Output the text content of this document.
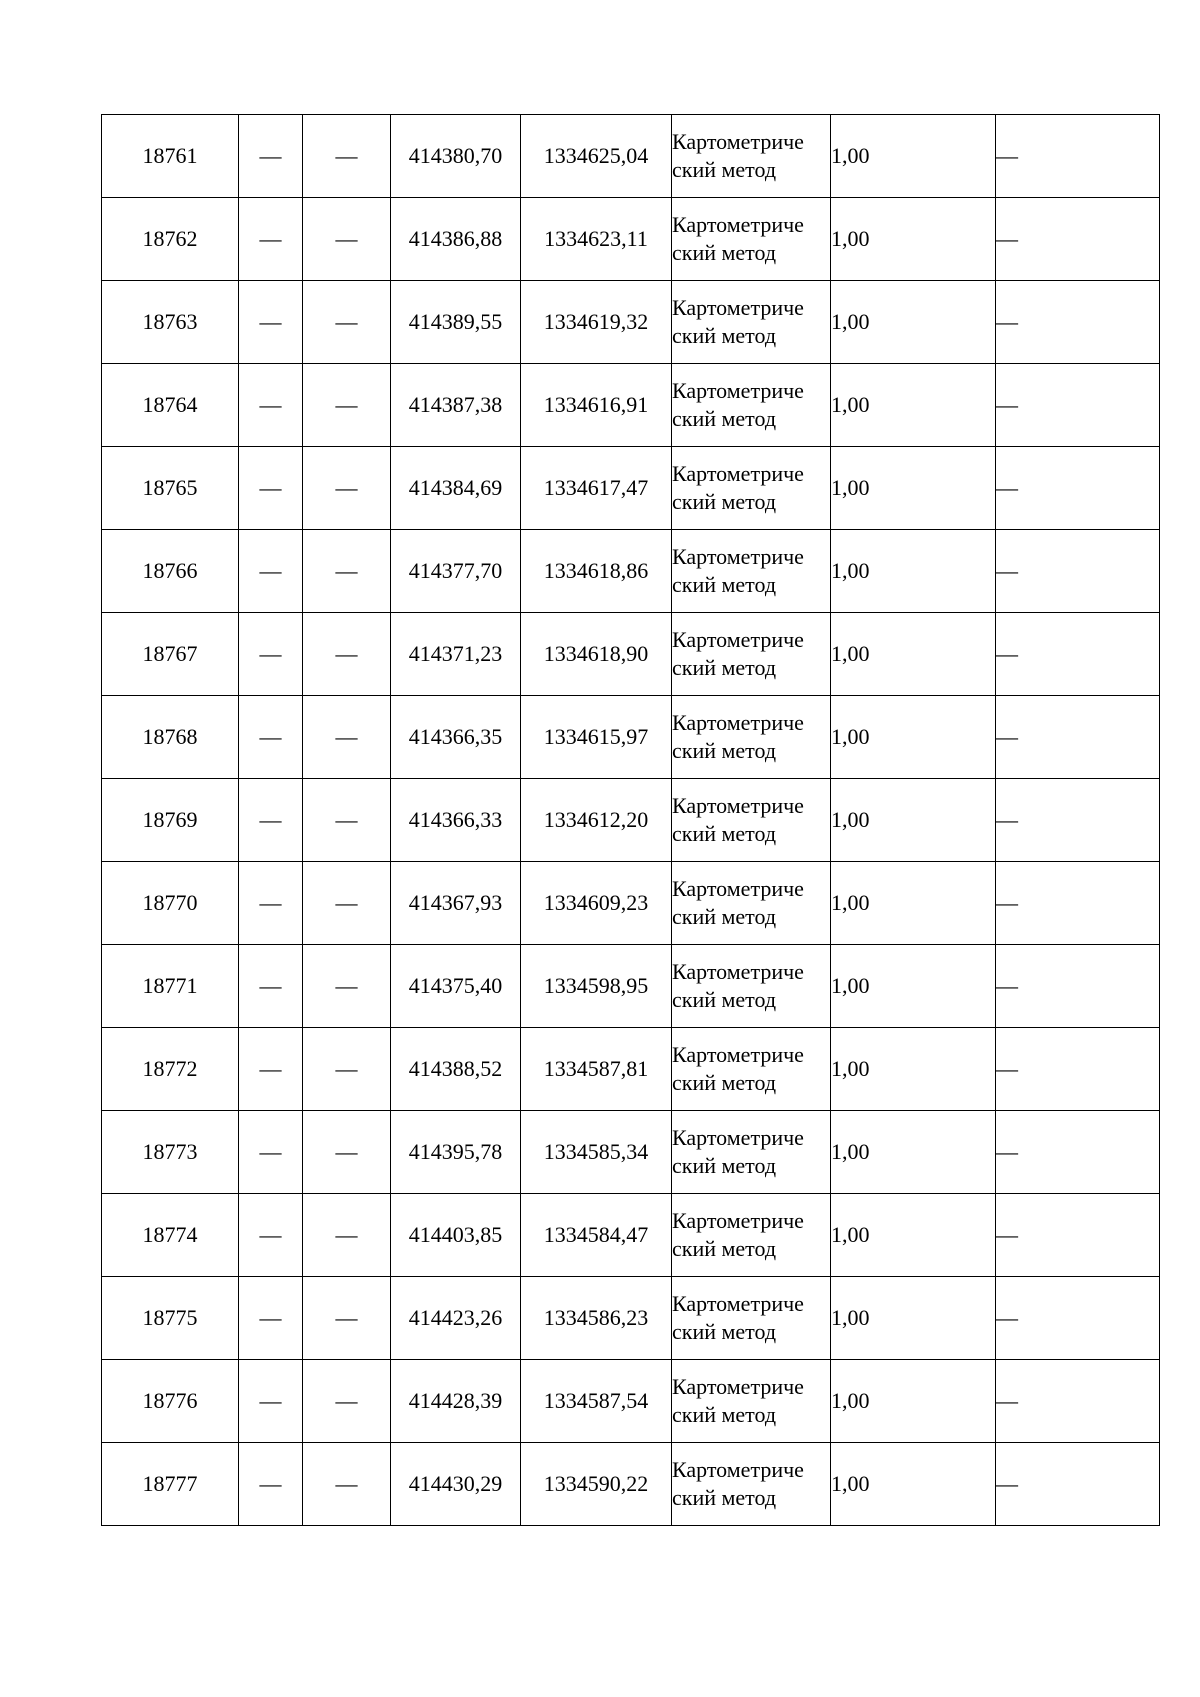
18761	—	—	414380,70	1334625,04	Картометрический метод	1,00	—
18762	—	—	414386,88	1334623,11	Картометрический метод	1,00	—
18763	—	—	414389,55	1334619,32	Картометрический метод	1,00	—
18764	—	—	414387,38	1334616,91	Картометрический метод	1,00	—
18765	—	—	414384,69	1334617,47	Картометрический метод	1,00	—
18766	—	—	414377,70	1334618,86	Картометрический метод	1,00	—
18767	—	—	414371,23	1334618,90	Картометрический метод	1,00	—
18768	—	—	414366,35	1334615,97	Картометрический метод	1,00	—
18769	—	—	414366,33	1334612,20	Картометрический метод	1,00	—
18770	—	—	414367,93	1334609,23	Картометрический метод	1,00	—
18771	—	—	414375,40	1334598,95	Картометрический метод	1,00	—
18772	—	—	414388,52	1334587,81	Картометрический метод	1,00	—
18773	—	—	414395,78	1334585,34	Картометрический метод	1,00	—
18774	—	—	414403,85	1334584,47	Картометрический метод	1,00	—
18775	—	—	414423,26	1334586,23	Картометрический метод	1,00	—
18776	—	—	414428,39	1334587,54	Картометрический метод	1,00	—
18777	—	—	414430,29	1334590,22	Картометрический метод	1,00	—
